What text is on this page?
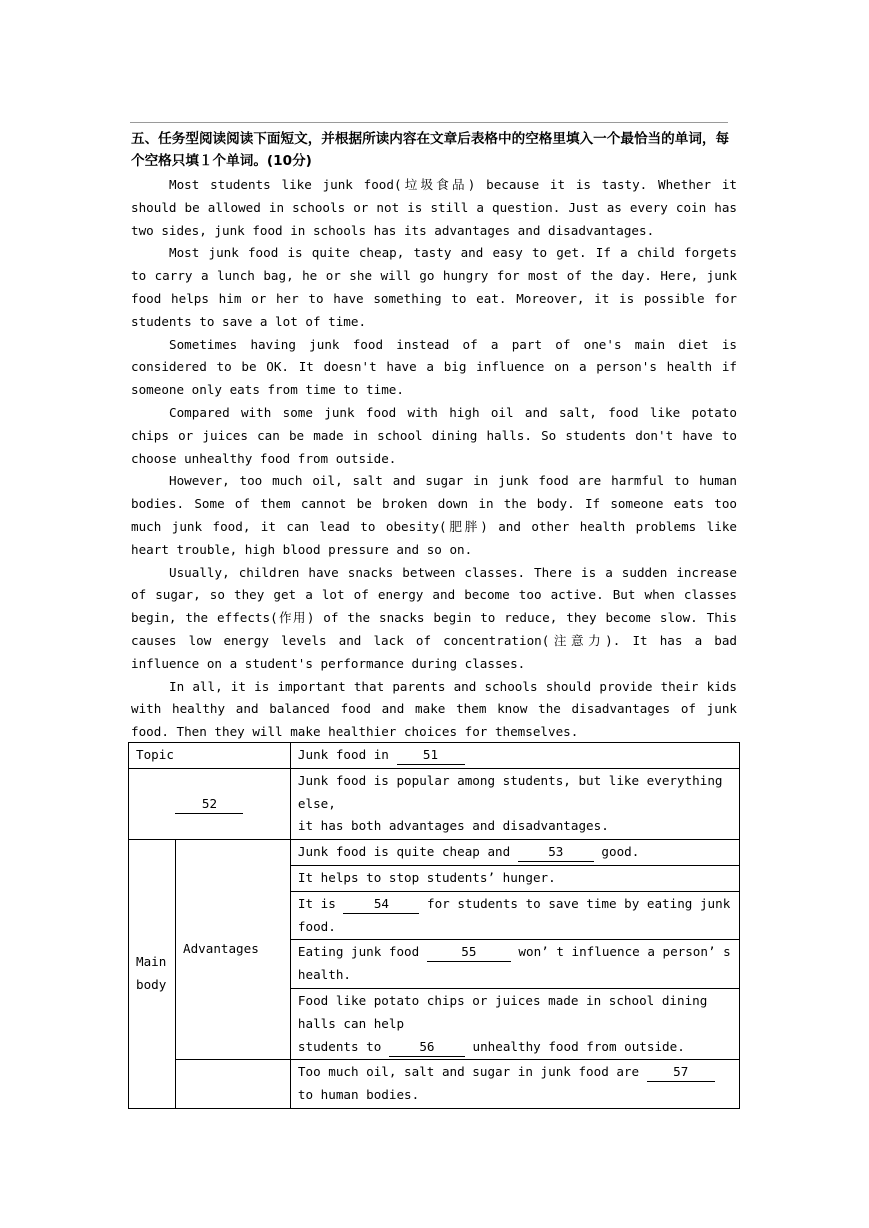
五、任务型阅读阅读下面短文，并根据所读内容在文章后表格中的空格里填入一个最恰当的单词，每个空格只填１个单词。(10分)

Most students like junk food(垃圾食品) because it is tasty. Whether it should be allowed in schools or not is still a question. Just as every coin has two sides, junk food in schools has its advantages and disadvantages.

Most junk food is quite cheap, tasty and easy to get. If a child forgets to carry a lunch bag, he or she will go hungry for most of the day. Here, junk food helps him or her to have something to eat. Moreover, it is possible for students to save a lot of time.

Sometimes having junk food instead of a part of one's main diet is considered to be OK. It doesn't have a big influence on a person's health if someone only eats from time to time.

Compared with some junk food with high oil and salt, food like potato chips or juices can be made in school dining halls. So students don't have to choose unhealthy food from outside.

However, too much oil, salt and sugar in junk food are harmful to human bodies. Some of them cannot be broken down in the body. If someone eats too much junk food, it can lead to obesity(肥胖) and other health problems like heart trouble, high blood pressure and so on.

Usually, children have snacks between classes. There is a sudden increase of sugar, so they get a lot of energy and become too active. But when classes begin, the effects(作用) of the snacks begin to reduce, they become slow. This causes low energy levels and lack of concentration(注意力). It has a bad influence on a student's performance during classes.

In all, it is important that parents and schools should provide their kids with healthy and balanced food and make them know the disadvantages of junk food. Then they will make healthier choices for themselves.

Topic		Junk food in 51
52		Junk food is popular among students, but like everything else,
it has both advantages and disadvantages.

Main body	Advantages	Junk food is quite cheap and 53 good.
		It helps to stop students’ hunger.
		It is 54 for students to save time by eating junk food.
		Eating junk food 55 won’ t influence a person’ s health.

		Food like potato chips or juices made in school dining halls can help
students to 56 unhealthy food from outside.

		Too much oil, salt and sugar in junk food are 57 to human bodies.
